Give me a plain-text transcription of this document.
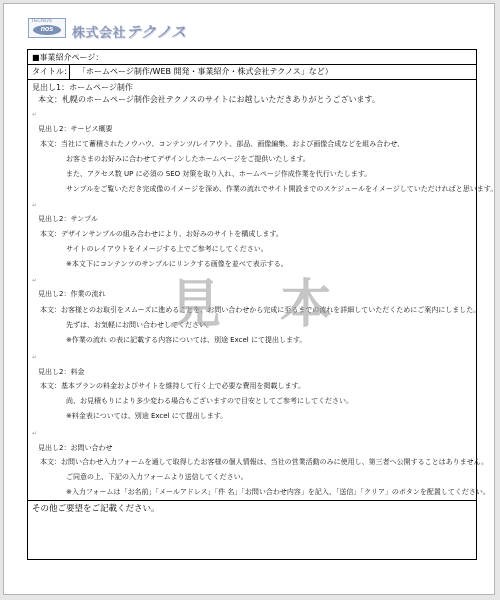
TECNOS
nos	株式会社テクノス
■事業紹介ページ：
タイトル： 「ホームページ制作/WEB 開発・事業紹介・株式会社テクノス」など）
見出し1：ホームページ制作
本文：札幌のホームページ制作会社テクノスのサイトにお越しいただきありがとうございます。
↵
見出し2：サービス概要
本文：当社にて蓄積されたノウハウ、コンテンツ/レイアウト、部品、画像編集、および画像合成などを組み合わせ、
お客さまのお好みに合わせてデザインしたホームページをご提供いたします。
また、アクセス数 UP に必須の SEO 対策を取り入れ、ホームページ作成作業を代行いたします。
サンプルをご覧いただき完成像のイメージを深め、作業の流れでサイト開設までのスケジュールをイメージしていただければと思います。
↵
見出し2：サンプル
本文：デザインサンプルの組み合わせにより、お好みのサイトを構成します。
サイトのレイアウトをイメージする上でご参考にしてください。
※本文下にコンテンツのサンプルにリンクする画像を並べて表示する。
↵
見出し2：作業の流れ
本文：お客様とのお取引をスムーズに進めることを、お問い合わせから完成に至るまでの流れを詳細していただくためにご案内にしました。
先ずは、お気軽にお問い合わせしてください。
※作業の流れ の表に記載する内容については、別途 Excel にて提出します。
↵
見出し2：料金
本文：基本プランの料金およびサイトを維持して行く上で必要な費用を掲載します。
尚、お見積もりにより多少変わる場合もございますので目安としてご参考にしてください。
※料金表については、別途 Excel にて提出します。
↵
見出し2：お問い合わせ
本文：お問い合わせ入力フォームを通して取得したお客様の個人情報は、当社の営業活動のみに使用し、第三者へ公開することはありません。
ご同意の上、下記の入力フォームより送信してください。
※入力フォームは「お名前」「メールアドレス」「件 名」「お問い合わせ内容」を記入、「送信」「クリア」のボタンを配置してください。
その他ご要望をご記載ください。
見 本
